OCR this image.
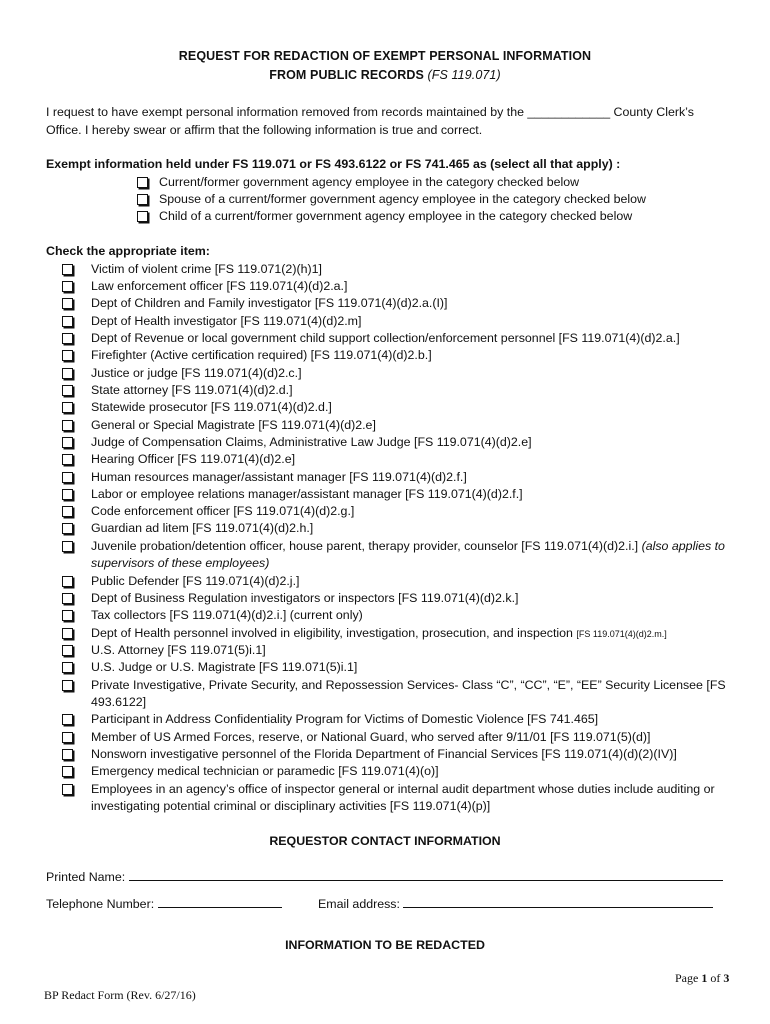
REQUEST FOR REDACTION OF EXEMPT PERSONAL INFORMATION
FROM PUBLIC RECORDS (FS 119.071)
I request to have exempt personal information removed from records maintained by the ____________ County Clerk’s
Office. I hereby swear or affirm that the following information is true and correct.
Exempt information held under FS 119.071 or FS 493.6122 or FS 741.465 as (select all that apply) :
Current/former government agency employee in the category checked below
Spouse of a current/former government agency employee in the category checked below
Child of a current/former government agency employee in the category checked below
Check the appropriate item:
Victim of violent crime [FS 119.071(2)(h)1]
Law enforcement officer [FS 119.071(4)(d)2.a.]
Dept of Children and Family investigator [FS 119.071(4)(d)2.a.(I)]
Dept of Health investigator [FS 119.071(4)(d)2.m]
Dept of Revenue or local government child support collection/enforcement personnel [FS 119.071(4)(d)2.a.]
Firefighter (Active certification required) [FS 119.071(4)(d)2.b.]
Justice or judge [FS 119.071(4)(d)2.c.]
State attorney [FS 119.071(4)(d)2.d.]
Statewide prosecutor [FS 119.071(4)(d)2.d.]
General or Special Magistrate [FS 119.071(4)(d)2.e]
Judge of Compensation Claims, Administrative Law Judge [FS 119.071(4)(d)2.e]
Hearing Officer [FS 119.071(4)(d)2.e]
Human resources manager/assistant manager [FS 119.071(4)(d)2.f.]
Labor or employee relations manager/assistant manager [FS 119.071(4)(d)2.f.]
Code enforcement officer [FS 119.071(4)(d)2.g.]
Guardian ad litem [FS 119.071(4)(d)2.h.]
Juvenile probation/detention officer, house parent, therapy provider, counselor [FS 119.071(4)(d)2.i.] (also applies to supervisors of these employees)
Public Defender [FS 119.071(4)(d)2.j.]
Dept of Business Regulation investigators or inspectors [FS 119.071(4)(d)2.k.]
Tax collectors [FS 119.071(4)(d)2.i.] (current only)
Dept of Health personnel involved in eligibility, investigation, prosecution, and inspection [FS 119.071(4)(d)2.m.]
U.S. Attorney [FS 119.071(5)i.1]
U.S. Judge or U.S. Magistrate [FS 119.071(5)i.1]
Private Investigative, Private Security, and Repossession Services- Class “C”, “CC”, “E”, “EE” Security Licensee [FS 493.6122]
Participant in Address Confidentiality Program for Victims of Domestic Violence [FS 741.465]
Member of US Armed Forces, reserve, or National Guard, who served after 9/11/01 [FS 119.071(5)(d)]
Nonsworn investigative personnel of the Florida Department of Financial Services [FS 119.071(4)(d)(2)(IV)]
Emergency medical technician or paramedic [FS 119.071(4)(o)]
Employees in an agency’s office of inspector general or internal audit department whose duties include auditing or investigating potential criminal or disciplinary activities [FS 119.071(4)(p)]
REQUESTOR CONTACT INFORMATION
Printed Name:
Telephone Number:	Email address:
INFORMATION TO BE REDACTED
Page 1 of 3
BP Redact Form (Rev. 6/27/16)
